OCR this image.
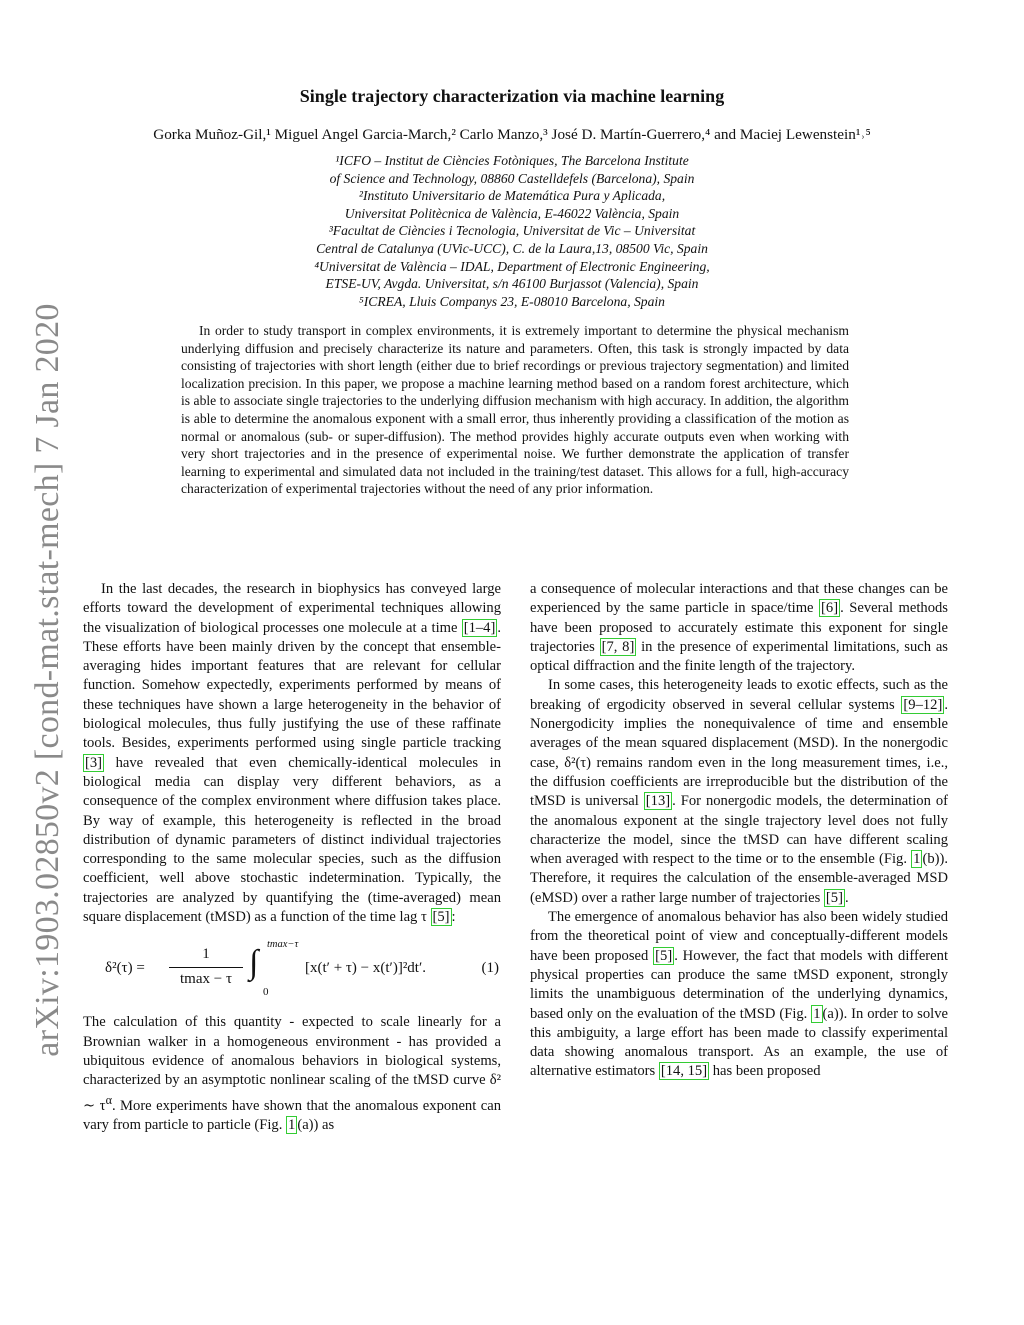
arXiv:1903.02850v2 [cond-mat.stat-mech] 7 Jan 2020
Single trajectory characterization via machine learning
Gorka Muñoz-Gil,¹ Miguel Angel Garcia-March,² Carlo Manzo,³ José D. Martín-Guerrero,⁴ and Maciej Lewenstein¹˒⁵
¹ICFO – Institut de Ciències Fotòniques, The Barcelona Institute
of Science and Technology, 08860 Castelldefels (Barcelona), Spain
²Instituto Universitario de Matemática Pura y Aplicada,
Universitat Politècnica de València, E-46022 València, Spain
³Facultat de Ciències i Tecnologia, Universitat de Vic – Universitat
Central de Catalunya (UVic-UCC), C. de la Laura,13, 08500 Vic, Spain
⁴Universitat de València – IDAL, Department of Electronic Engineering,
ETSE-UV, Avgda. Universitat, s/n 46100 Burjassot (Valencia), Spain
⁵ICREA, Lluis Companys 23, E-08010 Barcelona, Spain
In order to study transport in complex environments, it is extremely important to determine the physical mechanism underlying diffusion and precisely characterize its nature and parameters. Often, this task is strongly impacted by data consisting of trajectories with short length (either due to brief recordings or previous trajectory segmentation) and limited localization precision. In this paper, we propose a machine learning method based on a random forest architecture, which is able to associate single trajectories to the underlying diffusion mechanism with high accuracy. In addition, the algorithm is able to determine the anomalous exponent with a small error, thus inherently providing a classification of the motion as normal or anomalous (sub- or super-diffusion). The method provides highly accurate outputs even when working with very short trajectories and in the presence of experimental noise. We further demonstrate the application of transfer learning to experimental and simulated data not included in the training/test dataset. This allows for a full, high-accuracy characterization of experimental trajectories without the need of any prior information.

In the last decades, the research in biophysics has conveyed large efforts toward the development of experimental techniques allowing the visualization of biological processes one molecule at a time [1–4] . These efforts have been mainly driven by the concept that ensemble-averaging hides important features that are relevant for cellular function. Somehow expectedly, experiments performed by means of these techniques have shown a large heterogeneity in the behavior of biological molecules, thus fully justifying the use of these raffinate tools. Besides, experiments performed using single particle tracking [3] have revealed that even chemically-identical molecules in biological media can display very different behaviors, as a consequence of the complex environment where diffusion takes place. By way of example, this heterogeneity is reflected in the broad distribution of dynamic parameters of distinct individual trajectories corresponding to the same molecular species, such as the diffusion coefficient, well above stochastic indetermination. Typically, the trajectories are analyzed by quantifying the (time-averaged) mean square displacement (tMSD) as a function of the time lag τ [5] :

δ²(τ) =
1
tmax − τ ∫ tmax−τ
0
[x(t′ + τ) − x(t′)]²dt′.	(1)

The calculation of this quantity - expected to scale linearly for a Brownian walker in a homogeneous environment - has provided a ubiquitous evidence of anomalous behaviors in biological systems, characterized by an asymptotic nonlinear scaling of the tMSD curve δ² ∼ $\tau^\alpha$. More experiments have shown that the anomalous exponent can vary from particle to particle (Fig. 1 (a)) as

a consequence of molecular interactions and that these changes can be experienced by the same particle in space/time [6] . Several methods have been proposed to accurately estimate this exponent for single trajectories [7, 8] in the presence of experimental limitations, such as optical diffraction and the finite length of the trajectory.

In some cases, this heterogeneity leads to exotic effects, such as the breaking of ergodicity observed in several cellular systems [9–12] . Nonergodicity implies the nonequivalence of time and ensemble averages of the mean squared displacement (MSD). In the nonergodic case, δ²(τ) remains random even in the long measurement times, i.e., the diffusion coefficients are irreproducible but the distribution of the tMSD is universal [13] . For nonergodic models, the determination of the anomalous exponent at the single trajectory level does not fully characterize the model, since the tMSD can have different scaling when averaged with respect to the time or to the ensemble (Fig. 1 (b)). Therefore, it requires the calculation of the ensemble-averaged MSD (eMSD) over a rather large number of trajectories [5] .

The emergence of anomalous behavior has also been widely studied from the theoretical point of view and conceptually-different models have been proposed [5] . However, the fact that models with different physical properties can produce the same tMSD exponent, strongly limits the unambiguous determination of the underlying dynamics, based only on the evaluation of the tMSD (Fig. 1 (a)). In order to solve this ambiguity, a large effort has been made to classify experimental data showing anomalous transport. As an example, the use of alternative estimators [14, 15] has been proposed
